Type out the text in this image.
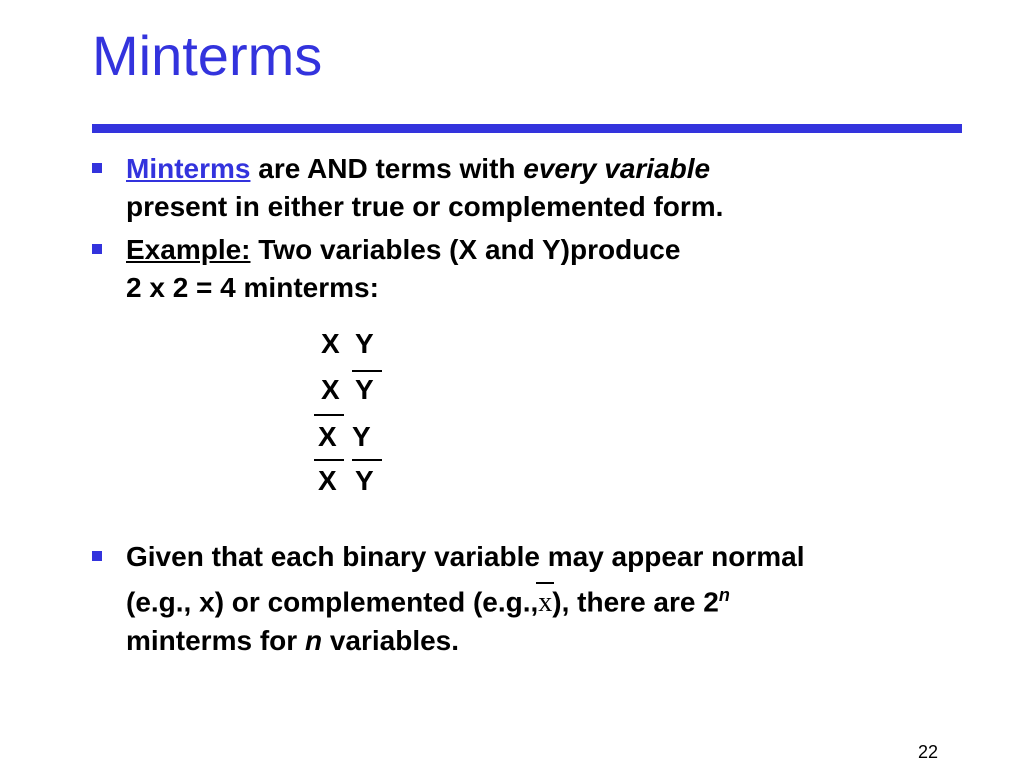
Minterms
Minterms are AND terms with every variable
present in either true or complemented form.
Example: Two variables (X and Y)produce
2 x 2 = 4 minterms:
X Y
X Y
X Y
X Y
Given that each binary variable may appear normal
(e.g., x) or complemented (e.g.,
x), there are 2$^n$
minterms for n variables.
22
